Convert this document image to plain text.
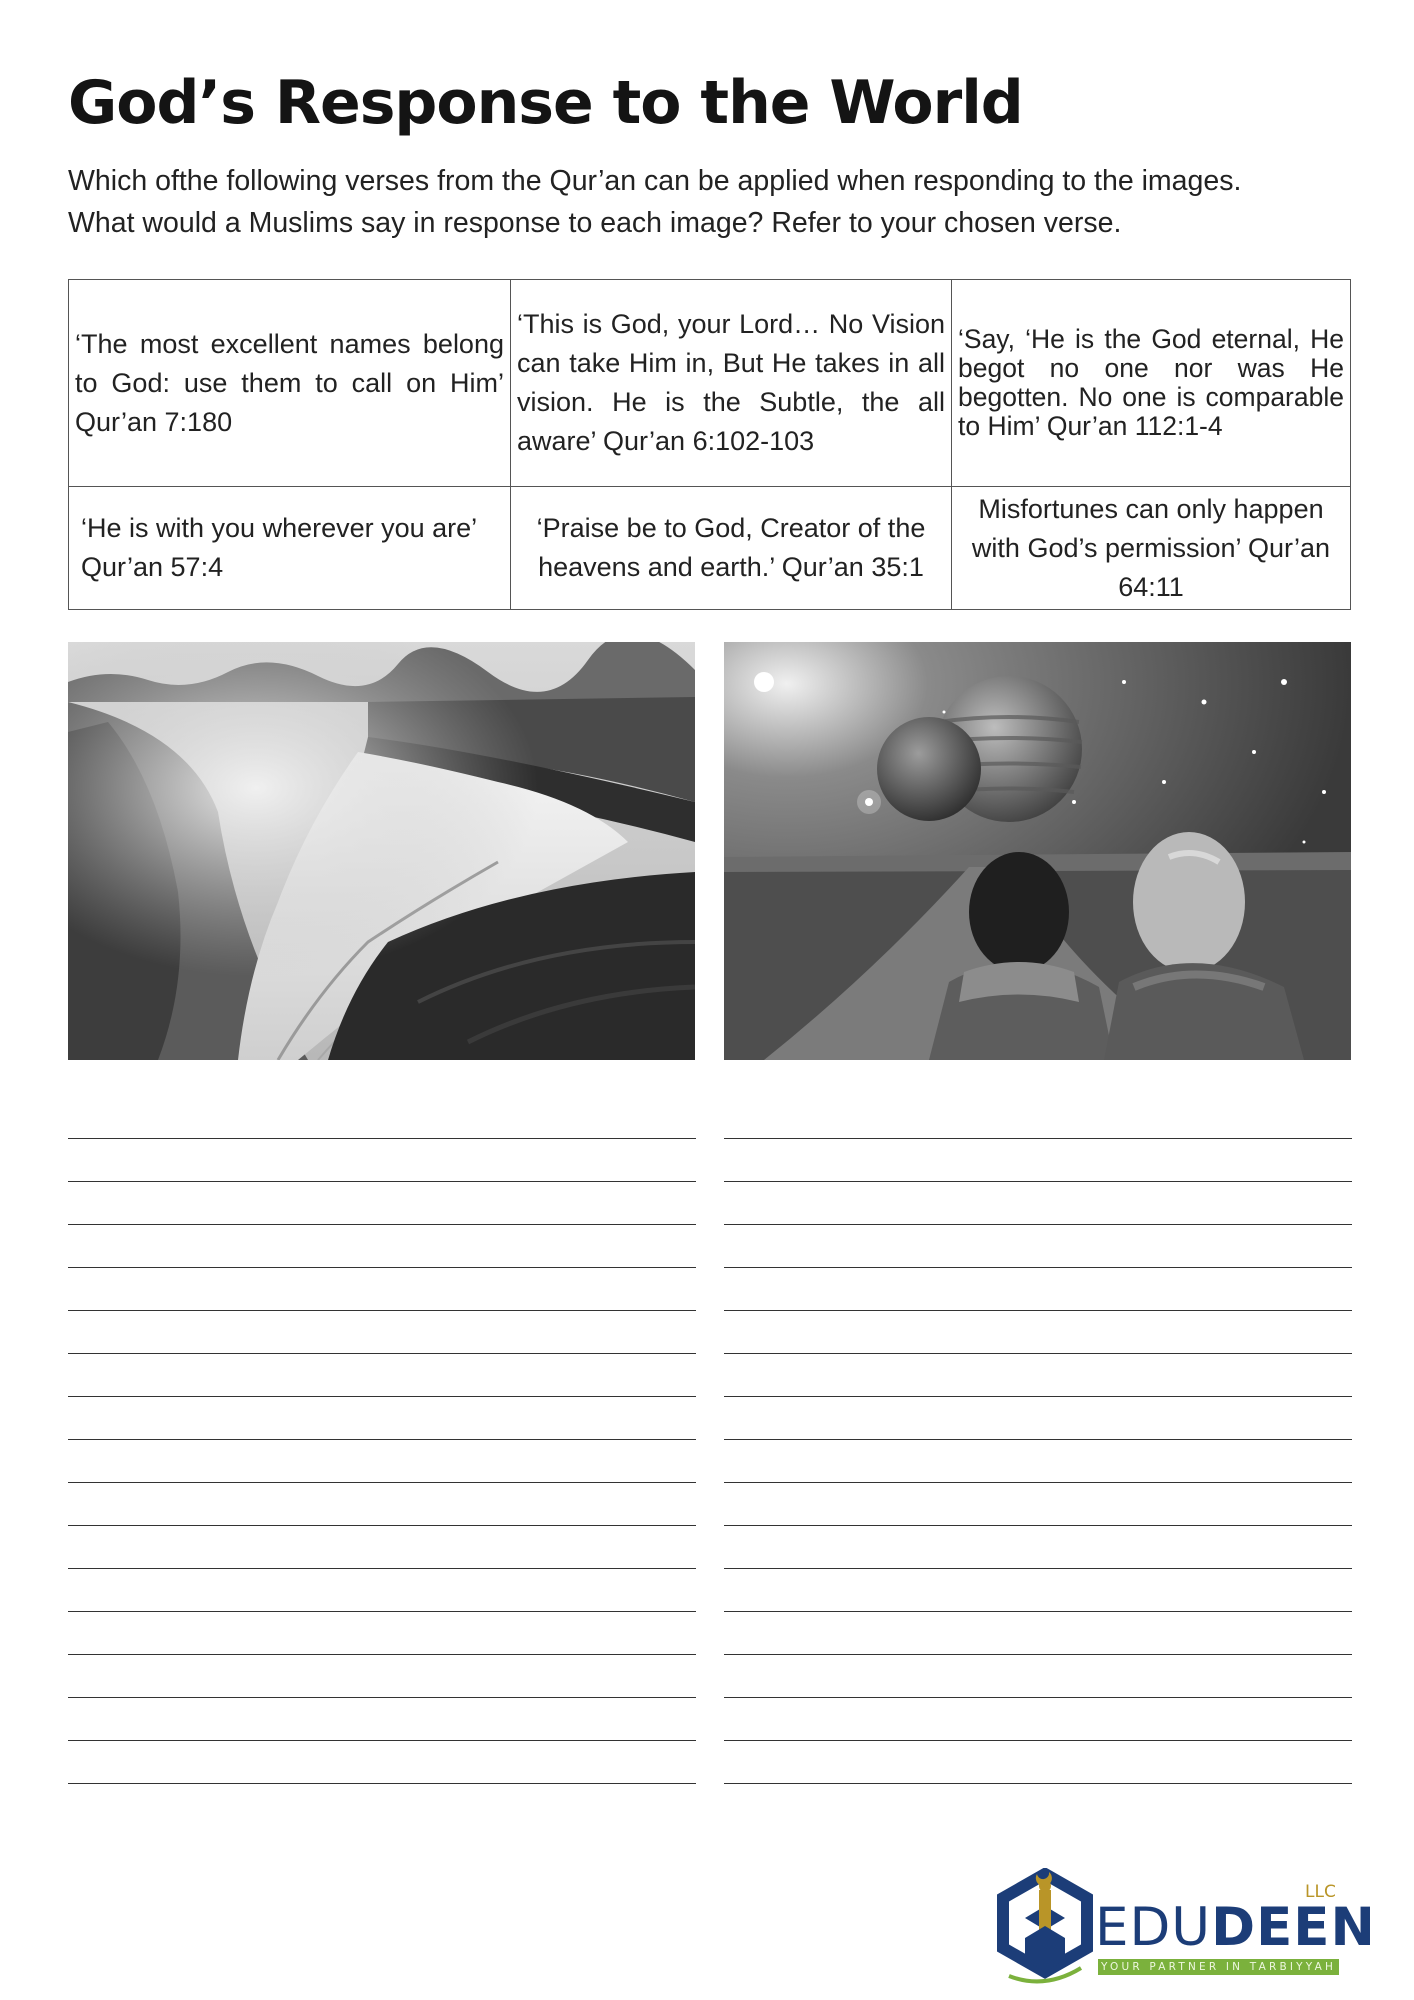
God’s Response to the World

Which ofthe following verses from the Qur’an can be applied when responding to the images.

What would a Muslims say in response to each image? Refer to your chosen verse.

‘The most excellent names belong to God: use them to call on Him’ Qur’an 7:180	‘This is God, your Lord… No Vision can take Him in, But He takes in all vision. He is the Subtle, the all aware’ Qur’an 6:102-103	‘Say, ‘He is the God eternal, He begot no one nor was He begotten. No one is comparable to Him’ Qur’an 112:1-4
‘He is with you wherever you are’ Qur’an 57:4	‘Praise be to God, Creator of the heavens and earth.’ Qur’an 35:1	Misfortunes can only happen with God’s permission’ Qur’an 64:11
EDUDEEN
LLC
YOUR PARTNER IN TARBIYYAH
